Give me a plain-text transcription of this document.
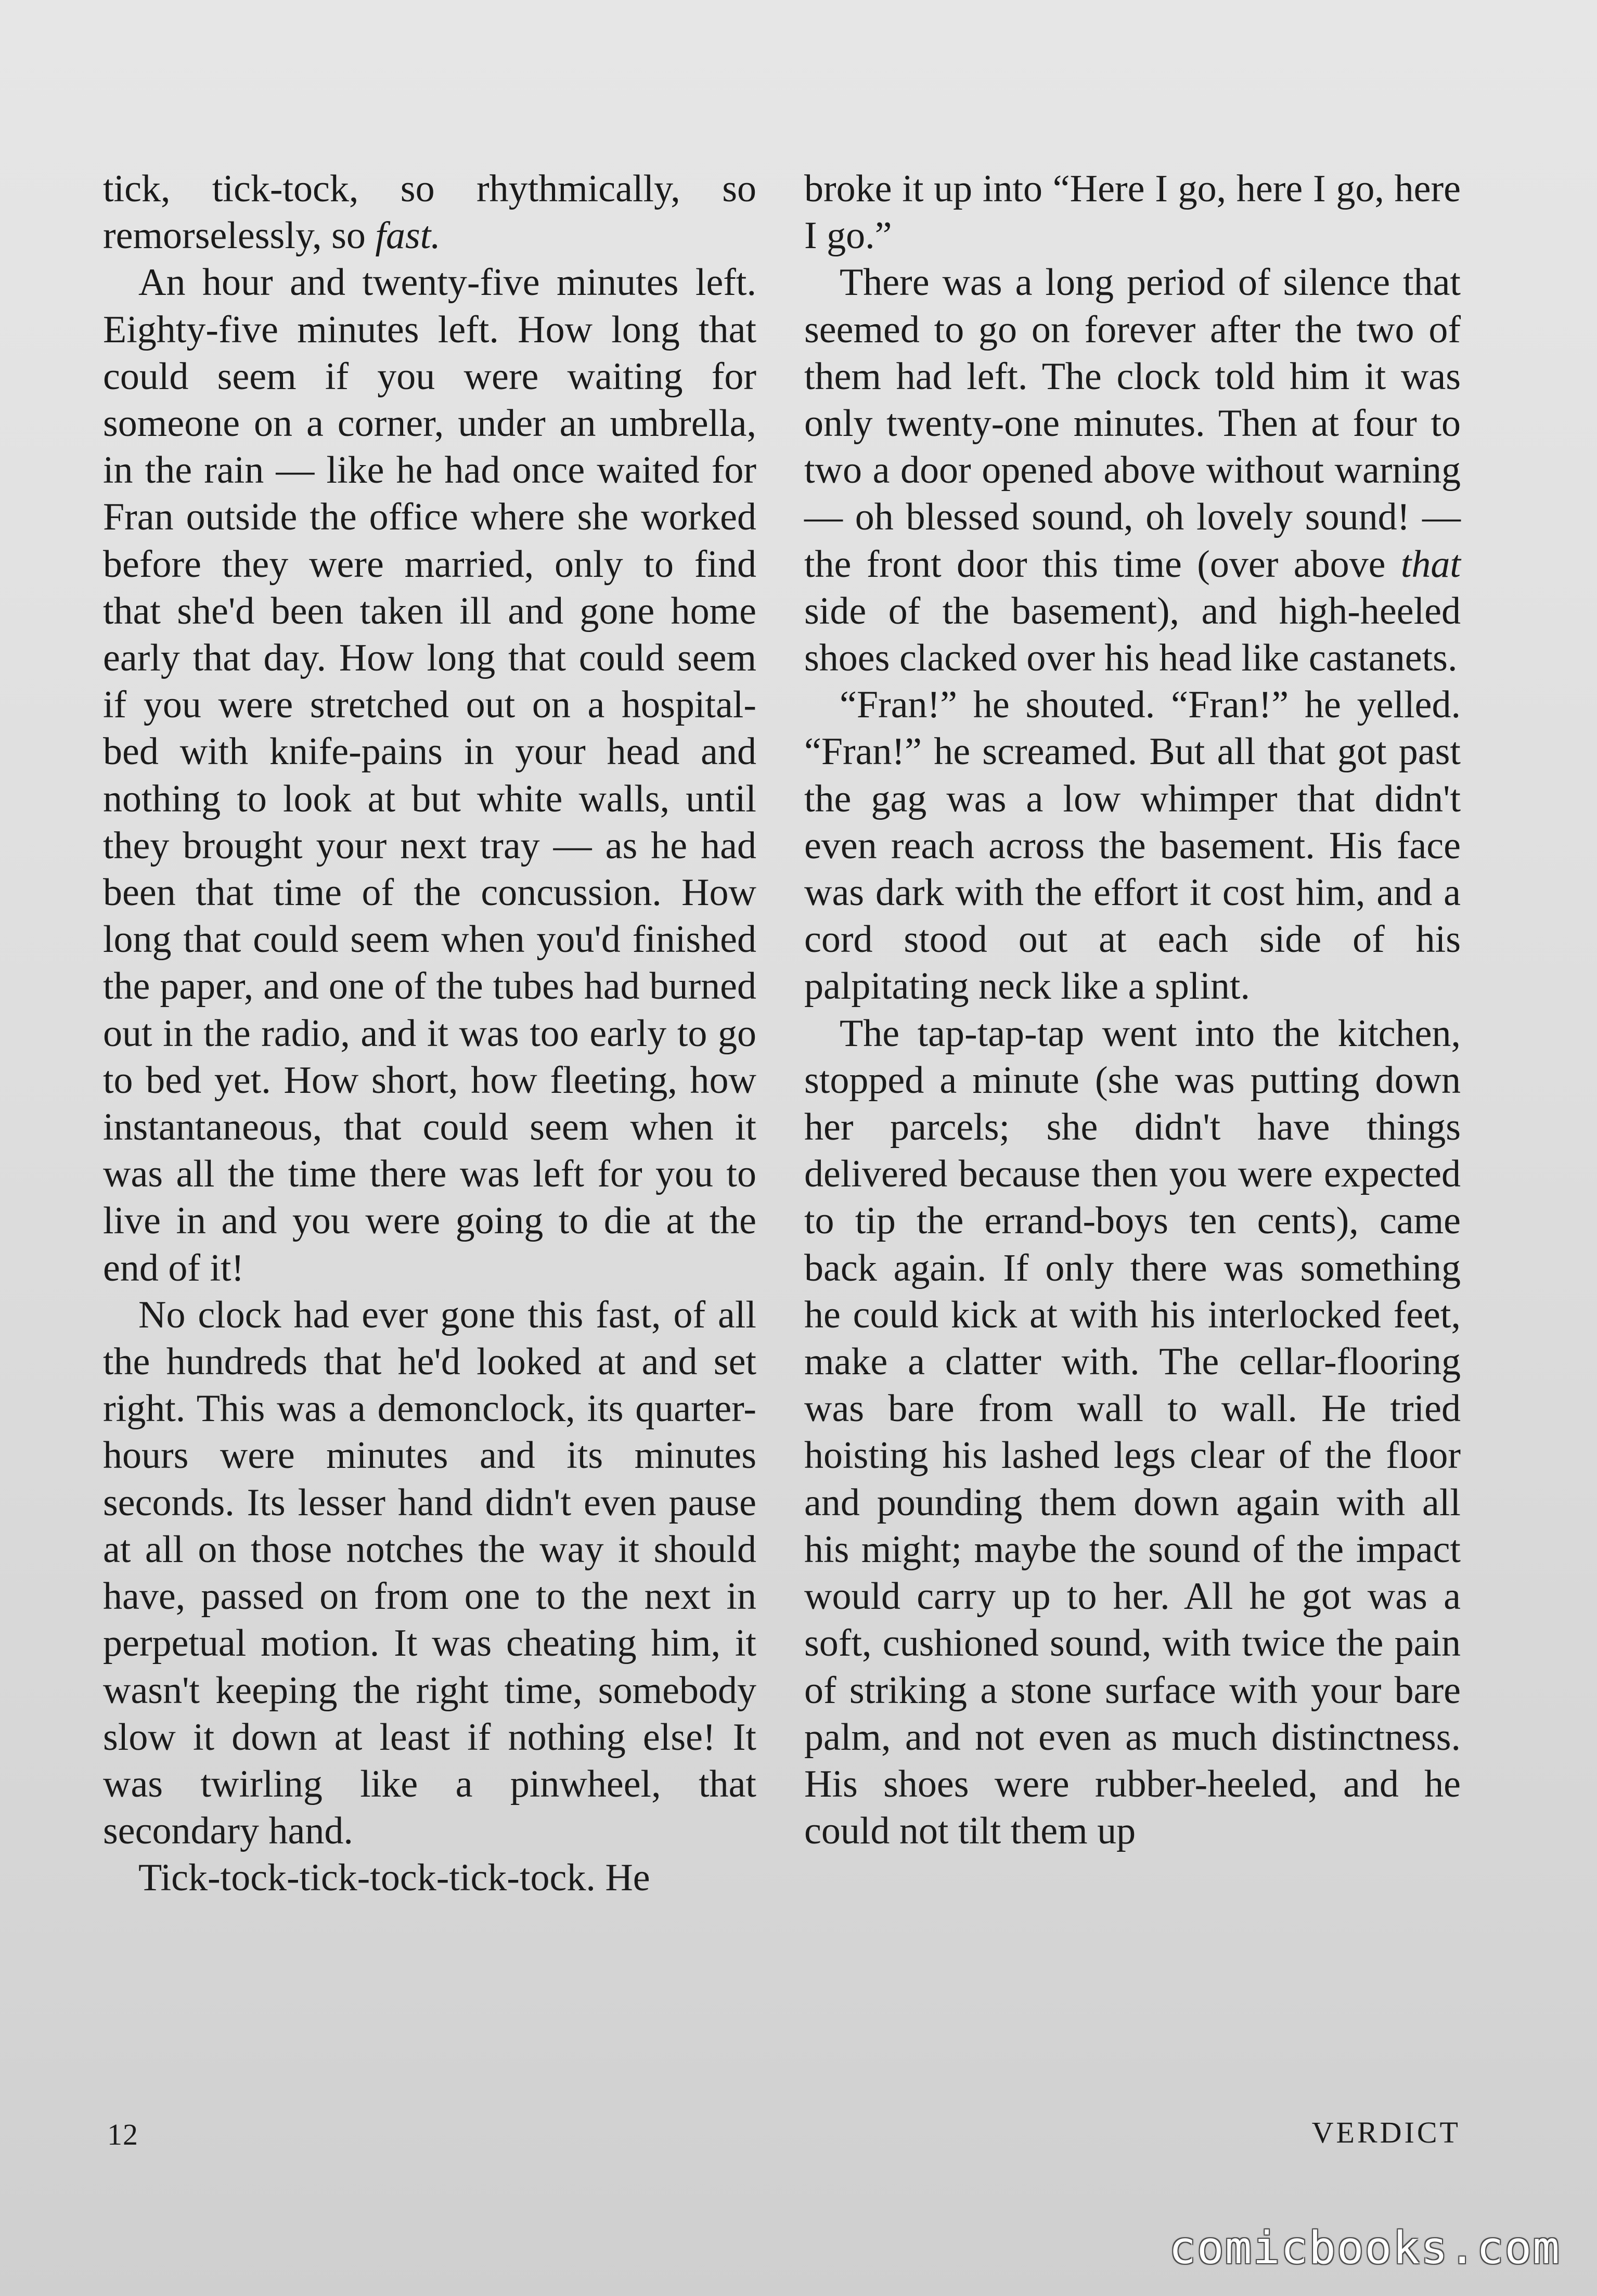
tick, tick-tock, so rhythmically, so remorselessly, so fast.

An hour and twenty-five minutes left. Eighty-five minutes left. How long that could seem if you were waiting for someone on a corner, under an umbrella, in the rain — like he had once waited for Fran outside the office where she worked before they were married, only to find that she'd been taken ill and gone home early that day. How long that could seem if you were stretched out on a hospital-bed with knife-pains in your head and nothing to look at but white walls, until they brought your next tray — as he had been that time of the concussion. How long that could seem when you'd finished the paper, and one of the tubes had burned out in the radio, and it was too early to go to bed yet. How short, how fleeting, how instantaneous, that could seem when it was all the time there was left for you to live in and you were going to die at the end of it!

No clock had ever gone this fast, of all the hundreds that he'd looked at and set right. This was a demonclock, its quarter-hours were minutes and its minutes seconds. Its lesser hand didn't even pause at all on those notches the way it should have, passed on from one to the next in perpetual motion. It was cheating him, it wasn't keeping the right time, somebody slow it down at least if nothing else! It was twirling like a pinwheel, that secondary hand.

Tick-tock-tick-tock-tick-tock. He

broke it up into “Here I go, here I go, here I go.”

There was a long period of silence that seemed to go on forever after the two of them had left. The clock told him it was only twenty-one minutes. Then at four to two a door opened above without warning — oh blessed sound, oh lovely sound! — the front door this time (over above that side of the basement), and high-heeled shoes clacked over his head like castanets.

“Fran!” he shouted. “Fran!” he yelled. “Fran!” he screamed. But all that got past the gag was a low whimper that didn't even reach across the basement. His face was dark with the effort it cost him, and a cord stood out at each side of his palpitating neck like a splint.

The tap-tap-tap went into the kitchen, stopped a minute (she was putting down her parcels; she didn't have things delivered because then you were expected to tip the errand-boys ten cents), came back again. If only there was something he could kick at with his interlocked feet, make a clatter with. The cellar-flooring was bare from wall to wall. He tried hoisting his lashed legs clear of the floor and pounding them down again with all his might; maybe the sound of the impact would carry up to her. All he got was a soft, cushioned sound, with twice the pain of striking a stone surface with your bare palm, and not even as much distinctness. His shoes were rubber-heeled, and he could not tilt them up

12	VERDICT
comicbooks.com
